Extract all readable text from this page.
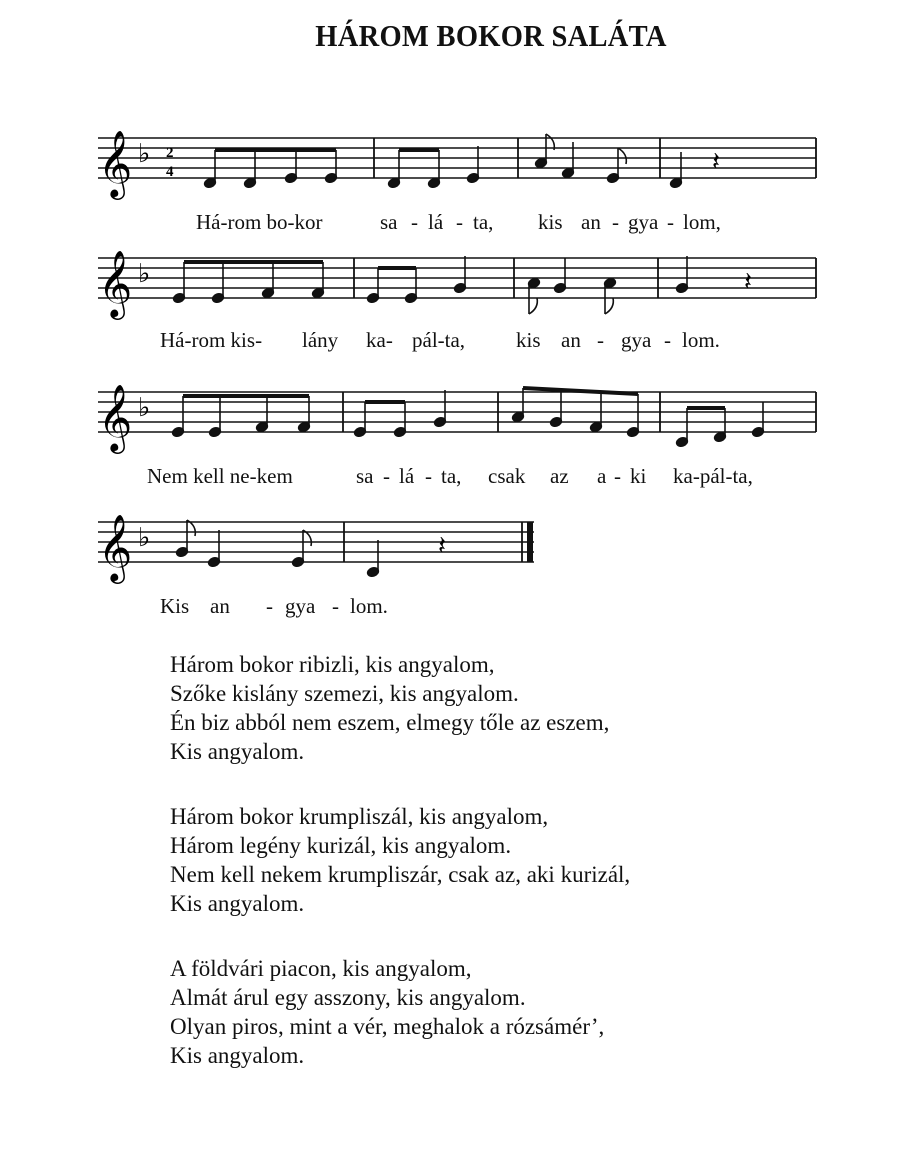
HÁROM BOKOR SALÁTA
𝄞 ♭ 2
4	𝄽
Há-rom bo-kor	sa - lá - ta, kis an - gya - lom,
𝄞 ♭	𝄽
Há-rom kis- lány ka- pál-ta, kis an - gya - lom.
𝄞 ♭
Nem kell ne-kem	sa - lá - ta, csak az a - ki ka-pál-ta,
𝄞 ♭	𝄽
Kis an - gya - lom.
Három bokor ribizli, kis angyalom,
Szőke kislány szemezi, kis angyalom.
Én biz abból nem eszem, elmegy tőle az eszem,
Kis angyalom.
Három bokor krumpliszál, kis angyalom,
Három legény kurizál, kis angyalom.
Nem kell nekem krumpliszár, csak az, aki kurizál,
Kis angyalom.
A földvári piacon, kis angyalom,
Almát árul egy asszony, kis angyalom.
Olyan piros, mint a vér, meghalok a rózsámér’,
Kis angyalom.
